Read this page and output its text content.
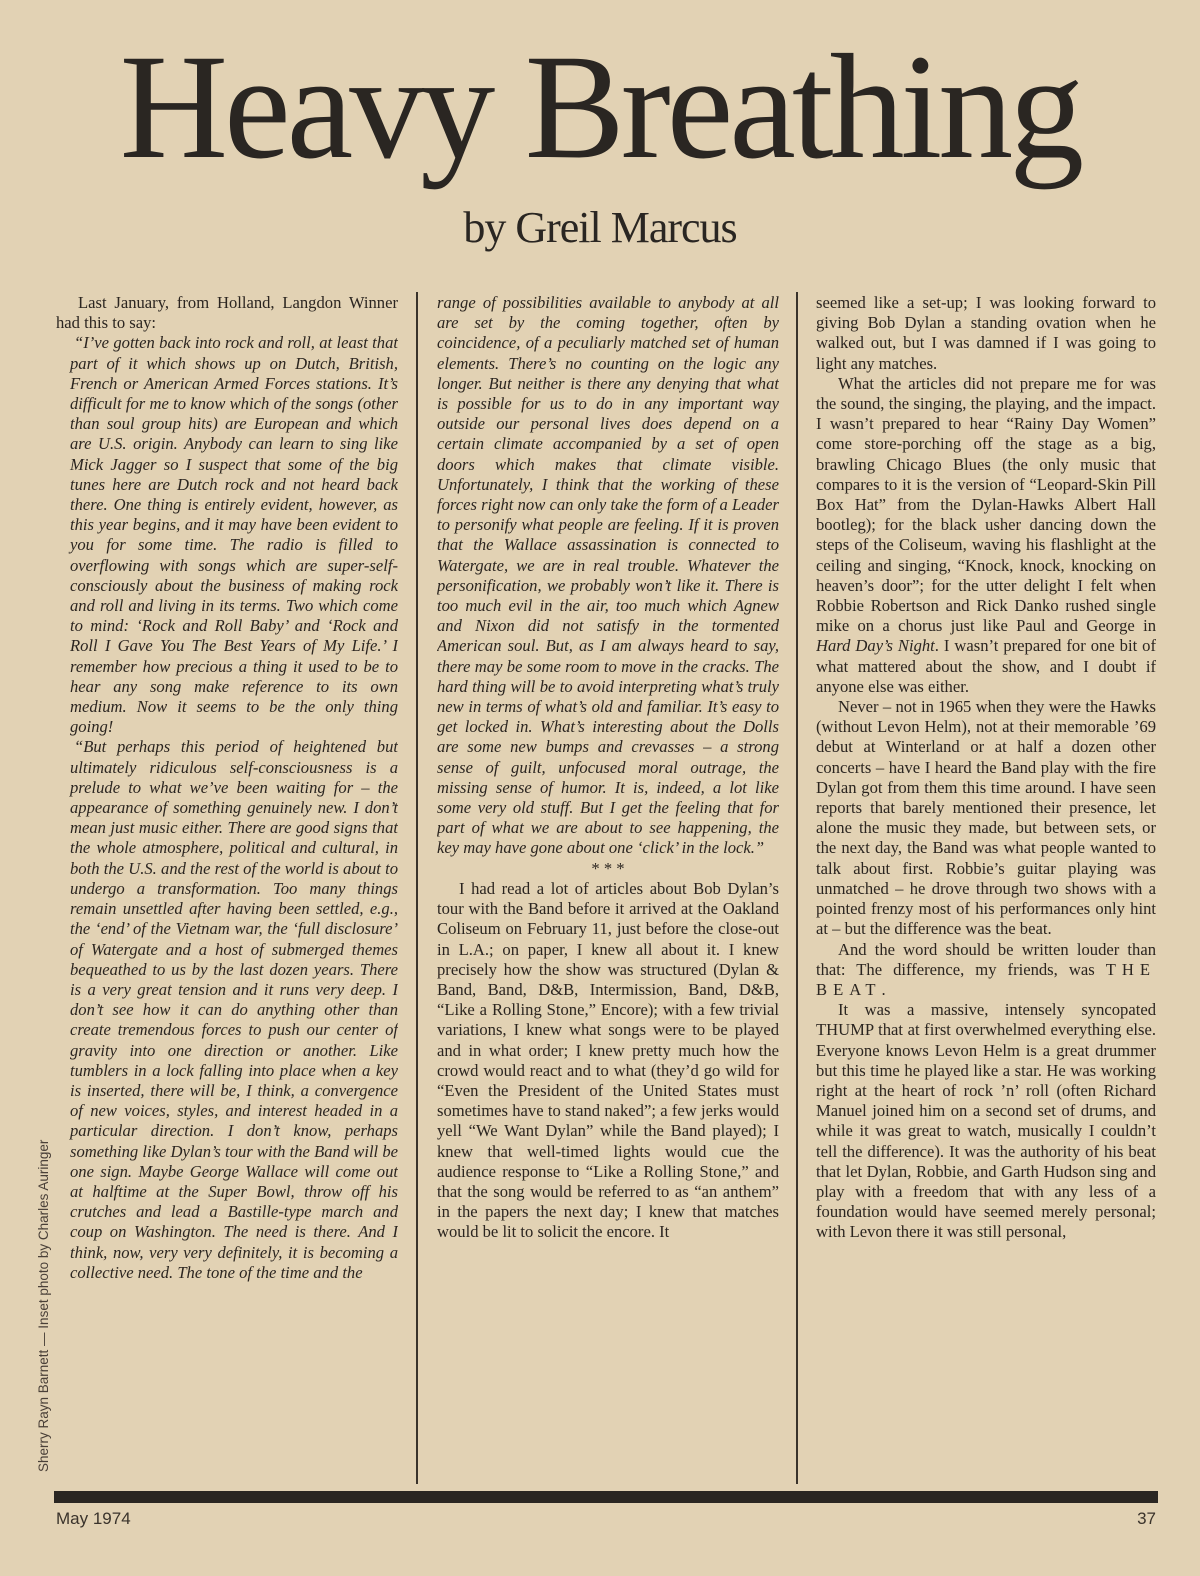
Heavy Breathing
by Greil Marcus

Last January, from Holland, Langdon Winner had this to say:

“I’ve gotten back into rock and roll, at least that part of it which shows up on Dutch, British, French or American Armed Forces stations. It’s difficult for me to know which of the songs (other than soul group hits) are European and which are U.S. origin. Anybody can learn to sing like Mick Jagger so I suspect that some of the big tunes here are Dutch rock and not heard back there. One thing is entirely evident, however, as this year begins, and it may have been evident to you for some time. The radio is filled to overflowing with songs which are super-self-consciously about the business of making rock and roll and living in its terms. Two which come to mind: ‘Rock and Roll Baby’ and ‘Rock and Roll I Gave You The Best Years of My Life.’ I remember how precious a thing it used to be to hear any song make reference to its own medium. Now it seems to be the only thing going!

“But perhaps this period of heightened but ultimately ridiculous self-consciousness is a prelude to what we’ve been waiting for – the appearance of something genuinely new. I don’t mean just music either. There are good signs that the whole atmosphere, political and cultural, in both the U.S. and the rest of the world is about to undergo a transformation. Too many things remain unsettled after having been settled, e.g., the ‘end’ of the Vietnam war, the ‘full disclosure’ of Watergate and a host of submerged themes bequeathed to us by the last dozen years. There is a very great tension and it runs very deep. I don’t see how it can do anything other than create tremendous forces to push our center of gravity into one direction or another. Like tumblers in a lock falling into place when a key is inserted, there will be, I think, a convergence of new voices, styles, and interest headed in a particular direction. I don’t know, perhaps something like Dylan’s tour with the Band will be one sign. Maybe George Wallace will come out at halftime at the Super Bowl, throw off his crutches and lead a Bastille-type march and coup on Washington. The need is there. And I think, now, very very definitely, it is becoming a collective need. The tone of the time and the

range of possibilities available to anybody at all are set by the coming together, often by coincidence, of a peculiarly matched set of human elements. There’s no counting on the logic any longer. But neither is there any denying that what is possible for us to do in any important way outside our personal lives does depend on a certain climate accompanied by a set of open doors which makes that climate visible. Unfortunately, I think that the working of these forces right now can only take the form of a Leader to personify what people are feeling. If it is proven that the Wallace assassination is connected to Watergate, we are in real trouble. Whatever the personification, we probably won’t like it. There is too much evil in the air, too much which Agnew and Nixon did not satisfy in the tormented American soul. But, as I am always heard to say, there may be some room to move in the cracks. The hard thing will be to avoid interpreting what’s truly new in terms of what’s old and familiar. It’s easy to get locked in. What’s interesting about the Dolls are some new bumps and crevasses – a strong sense of guilt, unfocused moral outrage, the missing sense of humor. It is, indeed, a lot like some very old stuff. But I get the feeling that for part of what we are about to see happening, the key may have gone about one ‘click’ in the lock.”

* * *

I had read a lot of articles about Bob Dylan’s tour with the Band before it arrived at the Oakland Coliseum on February 11, just before the close-out in L.A.; on paper, I knew all about it. I knew precisely how the show was structured (Dylan & Band, Band, D&B, Intermission, Band, D&B, “Like a Rolling Stone,” Encore); with a few trivial variations, I knew what songs were to be played and in what order; I knew pretty much how the crowd would react and to what (they’d go wild for “Even the President of the United States must sometimes have to stand naked”; a few jerks would yell “We Want Dylan” while the Band played); I knew that well-timed lights would cue the audience response to “Like a Rolling Stone,” and that the song would be referred to as “an anthem” in the papers the next day; I knew that matches would be lit to solicit the encore. It

seemed like a set-up; I was looking forward to giving Bob Dylan a standing ovation when he walked out, but I was damned if I was going to light any matches.

What the articles did not prepare me for was the sound, the singing, the playing, and the impact. I wasn’t prepared to hear “Rainy Day Women” come store-porching off the stage as a big, brawling Chicago Blues (the only music that compares to it is the version of “Leopard-Skin Pill Box Hat” from the Dylan-Hawks Albert Hall bootleg); for the black usher dancing down the steps of the Coliseum, waving his flashlight at the ceiling and singing, “Knock, knock, knocking on heaven’s door”; for the utter delight I felt when Robbie Robertson and Rick Danko rushed single mike on a chorus just like Paul and George in Hard Day’s Night. I wasn’t prepared for one bit of what mattered about the show, and I doubt if anyone else was either.

Never – not in 1965 when they were the Hawks (without Levon Helm), not at their memorable ’69 debut at Winterland or at half a dozen other concerts – have I heard the Band play with the fire Dylan got from them this time around. I have seen reports that barely mentioned their presence, let alone the music they made, but between sets, or the next day, the Band was what people wanted to talk about first. Robbie’s guitar playing was unmatched – he drove through two shows with a pointed frenzy most of his performances only hint at – but the difference was the beat.

And the word should be written louder than that: The difference, my friends, was THE BEAT.

It was a massive, intensely syncopated THUMP that at first overwhelmed everything else. Everyone knows Levon Helm is a great drummer but this time he played like a star. He was working right at the heart of rock ’n’ roll (often Richard Manuel joined him on a second set of drums, and while it was great to watch, musically I couldn’t tell the difference). It was the authority of his beat that let Dylan, Robbie, and Garth Hudson sing and play with a freedom that with any less of a foundation would have seemed merely personal; with Levon there it was still personal,

Sherry Rayn Barnett — Inset photo by Charles Auringer
May 1974	37
